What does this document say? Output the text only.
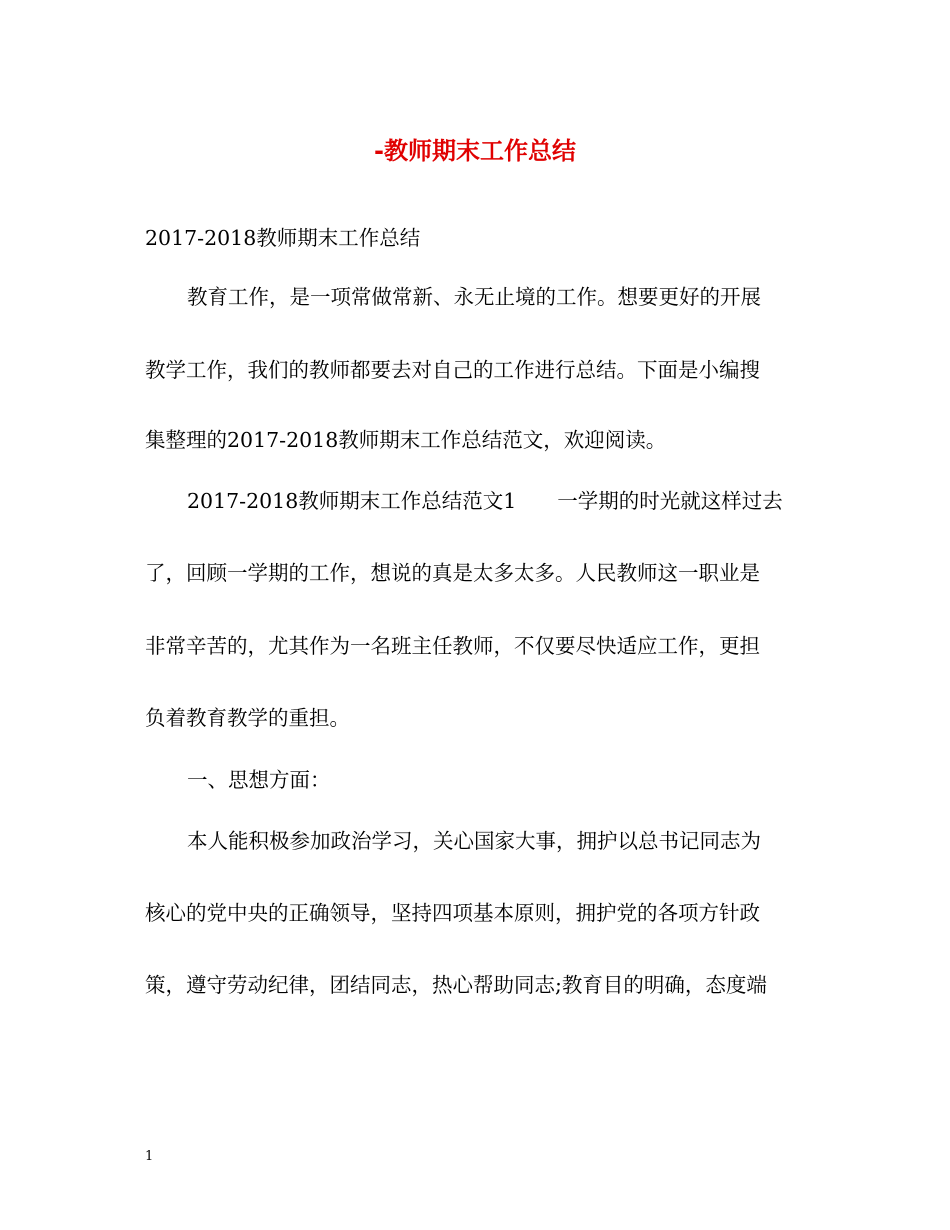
-教师期末工作总结
2017-2018教师期末工作总结
教育工作，是一项常做常新、永无止境的工作。想要更好的开展
教学工作，我们的教师都要去对自己的工作进行总结。下面是小编搜
集整理的2017-2018教师期末工作总结范文，欢迎阅读。
2017-2018教师期末工作总结范文1　　一学期的时光就这样过去
了，回顾一学期的工作，想说的真是太多太多。人民教师这一职业是
非常辛苦的，尤其作为一名班主任教师，不仅要尽快适应工作，更担
负着教育教学的重担。
一、思想方面：
本人能积极参加政治学习，关心国家大事，拥护以总书记同志为
核心的党中央的正确领导，坚持四项基本原则，拥护党的各项方针政
策，遵守劳动纪律，团结同志，热心帮助同志;教育目的明确，态度端
1
